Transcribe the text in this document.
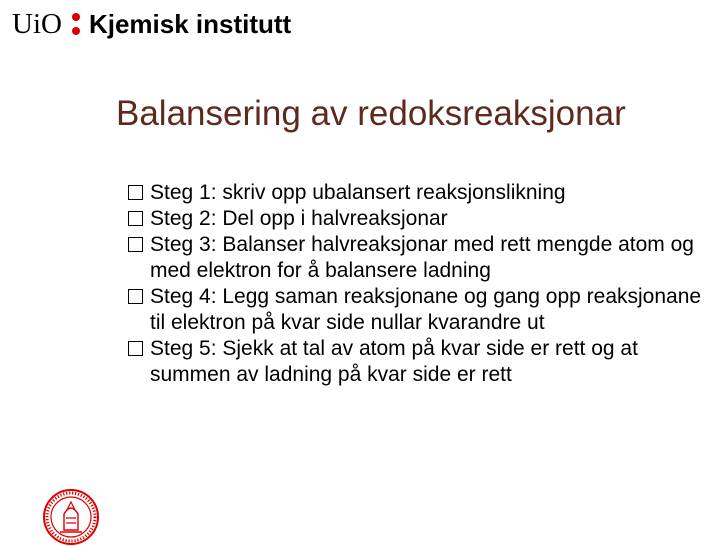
UiO Kjemisk institutt
Balansering av redoksreaksjonar
Steg 1: skriv opp ubalansert reaksjonslikning
Steg 2: Del opp i halvreaksjonar
Steg 3: Balanser halvreaksjonar med rett mengde atom og med elektron for å balansere ladning
Steg 4: Legg saman reaksjonane og gang opp reaksjonane til elektron på kvar side nullar kvarandre ut
Steg 5: Sjekk at tal av atom på kvar side er rett og at summen av ladning på kvar side er rett
